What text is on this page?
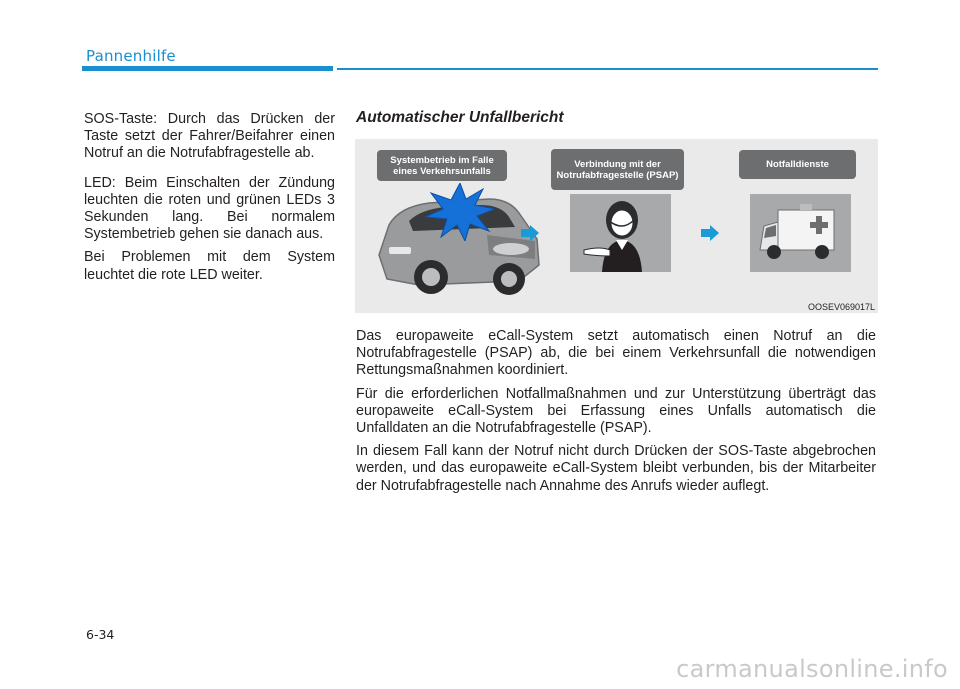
Pannenhilfe

SOS-Taste: Durch das Drücken der Taste setzt der Fahrer/Beifahrer einen Notruf an die Notrufabfragestelle ab.

LED: Beim Einschalten der Zündung leuchten die roten und grünen LEDs 3 Sekunden lang. Bei normalem Systembetrieb gehen sie danach aus.

Bei Problemen mit dem System leuchtet die rote LED weiter.

Automatischer Unfallbericht
Systembetrieb im Falle eines Verkehrsunfalls
Verbindung mit der Notrufabfragestelle (PSAP)
Notfalldienste
OOSEV069017L

Das europaweite eCall-System setzt automatisch einen Notruf an die Notrufabfragestelle (PSAP) ab, die bei einem Verkehrsunfall die notwendigen Rettungsmaßnahmen koordiniert.

Für die erforderlichen Notfallmaßnahmen und zur Unterstützung überträgt das europaweite eCall-System bei Erfassung eines Unfalls automatisch die Unfalldaten an die Notrufabfragestelle (PSAP).

In diesem Fall kann der Notruf nicht durch Drücken der SOS-Taste abgebrochen werden, und das europaweite eCall-System bleibt verbunden, bis der Mitarbeiter der Notrufabfragestelle nach Annahme des Anrufs wieder auflegt.

6-34
carmanualsonline.info
